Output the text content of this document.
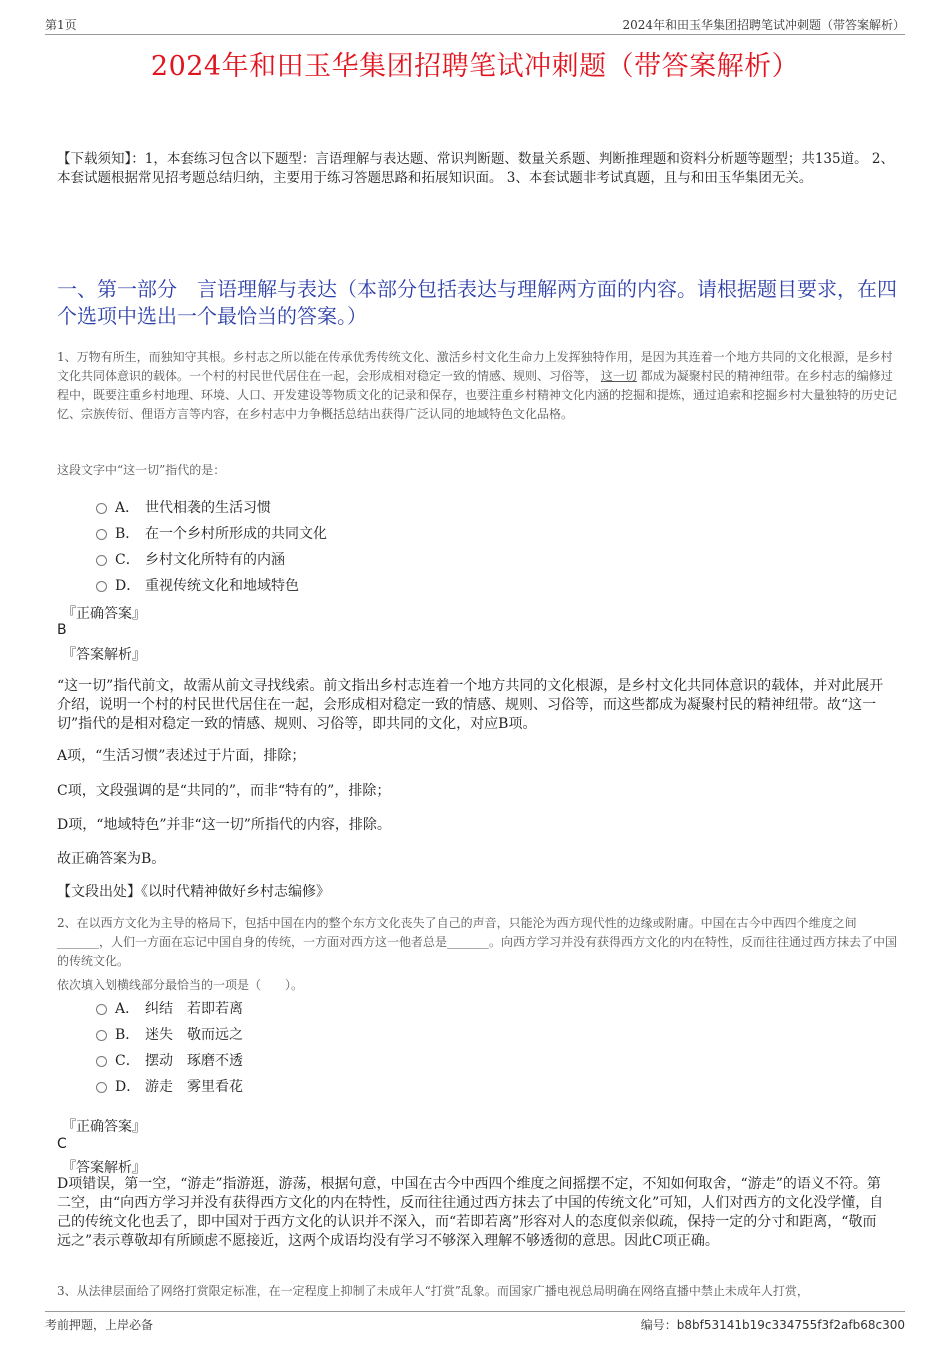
第1页	2024年和田玉华集团招聘笔试冲刺题（带答案解析）
2024年和田玉华集团招聘笔试冲刺题（带答案解析）
【下载须知】：1，本套练习包含以下题型：言语理解与表达题、常识判断题、数量关系题、判断推理题和资料分析题等题型；共135道。 2、本套试题根据常见招考题总结归纳，主要用于练习答题思路和拓展知识面。 3、本套试题非考试真题，且与和田玉华集团无关。
一、第一部分　言语理解与表达（本部分包括表达与理解两方面的内容。请根据题目要求，在四个选项中选出一个最恰当的答案。）
1、万物有所生，而独知守其根。乡村志之所以能在传承优秀传统文化、激活乡村文化生命力上发挥独特作用，是因为其连着一个地方共同的文化根源，是乡村文化共同体意识的载体。一个村的村民世代居住在一起，会形成相对稳定一致的情感、规则、习俗等， 这一切 都成为凝聚村民的精神纽带。在乡村志的编修过程中，既要注重乡村地理、环境、人口、开发建设等物质文化的记录和保存，也要注重乡村精神文化内涵的挖掘和提炼，通过追索和挖掘乡村大量独特的历史记忆、宗族传衍、俚语方言等内容，在乡村志中力争概括总结出获得广泛认同的地域特色文化品格。
这段文字中“这一切”指代的是：
A． 世代相袭的生活习惯
B． 在一个乡村所形成的共同文化
C． 乡村文化所特有的内涵
D． 重视传统文化和地域特色
『正确答案』
B
『答案解析』
“这一切”指代前文，故需从前文寻找线索。前文指出乡村志连着一个地方共同的文化根源，是乡村文化共同体意识的载体，并对此展开介绍，说明一个村的村民世代居住在一起，会形成相对稳定一致的情感、规则、习俗等，而这些都成为凝聚村民的精神纽带。故“这一切”指代的是相对稳定一致的情感、规则、习俗等，即共同的文化，对应B项。
A项，“生活习惯”表述过于片面，排除；
C项，文段强调的是“共同的”，而非“特有的”，排除；
D项，“地域特色”并非“这一切”所指代的内容，排除。
故正确答案为B。
【文段出处】《以时代精神做好乡村志编修》
2、在以西方文化为主导的格局下，包括中国在内的整个东方文化丧失了自己的声音，只能沦为西方现代性的边缘或附庸。中国在古今中西四个维度之间_______，人们一方面在忘记中国自身的传统，一方面对西方这一他者总是_______。向西方学习并没有获得西方文化的内在特性，反而往往通过西方抹去了中国的传统文化。
依次填入划横线部分最恰当的一项是（　　）。
A． 纠结　若即若离
B． 迷失　敬而远之
C． 摆动　琢磨不透
D． 游走　雾里看花
『正确答案』
C
『答案解析』
D项错误，第一空，“游走”指游逛，游荡，根据句意，中国在古今中西四个维度之间摇摆不定，不知如何取舍，“游走”的语义不符。第二空，由“向西方学习并没有获得西方文化的内在特性，反而往往通过西方抹去了中国的传统文化”可知，人们对西方的文化没学懂，自己的传统文化也丢了，即中国对于西方文化的认识并不深入，而“若即若离”形容对人的态度似亲似疏，保持一定的分寸和距离，“敬而远之”表示尊敬却有所顾虑不愿接近，这两个成语均没有学习不够深入理解不够透彻的意思。因此C项正确。
3、从法律层面给了网络打赏限定标准，在一定程度上抑制了未成年人“打赏”乱象。而国家广播电视总局明确在网络直播中禁止未成年人打赏，
考前押题，上岸必备	编号：b8bf53141b19c334755f3f2afb68c300
